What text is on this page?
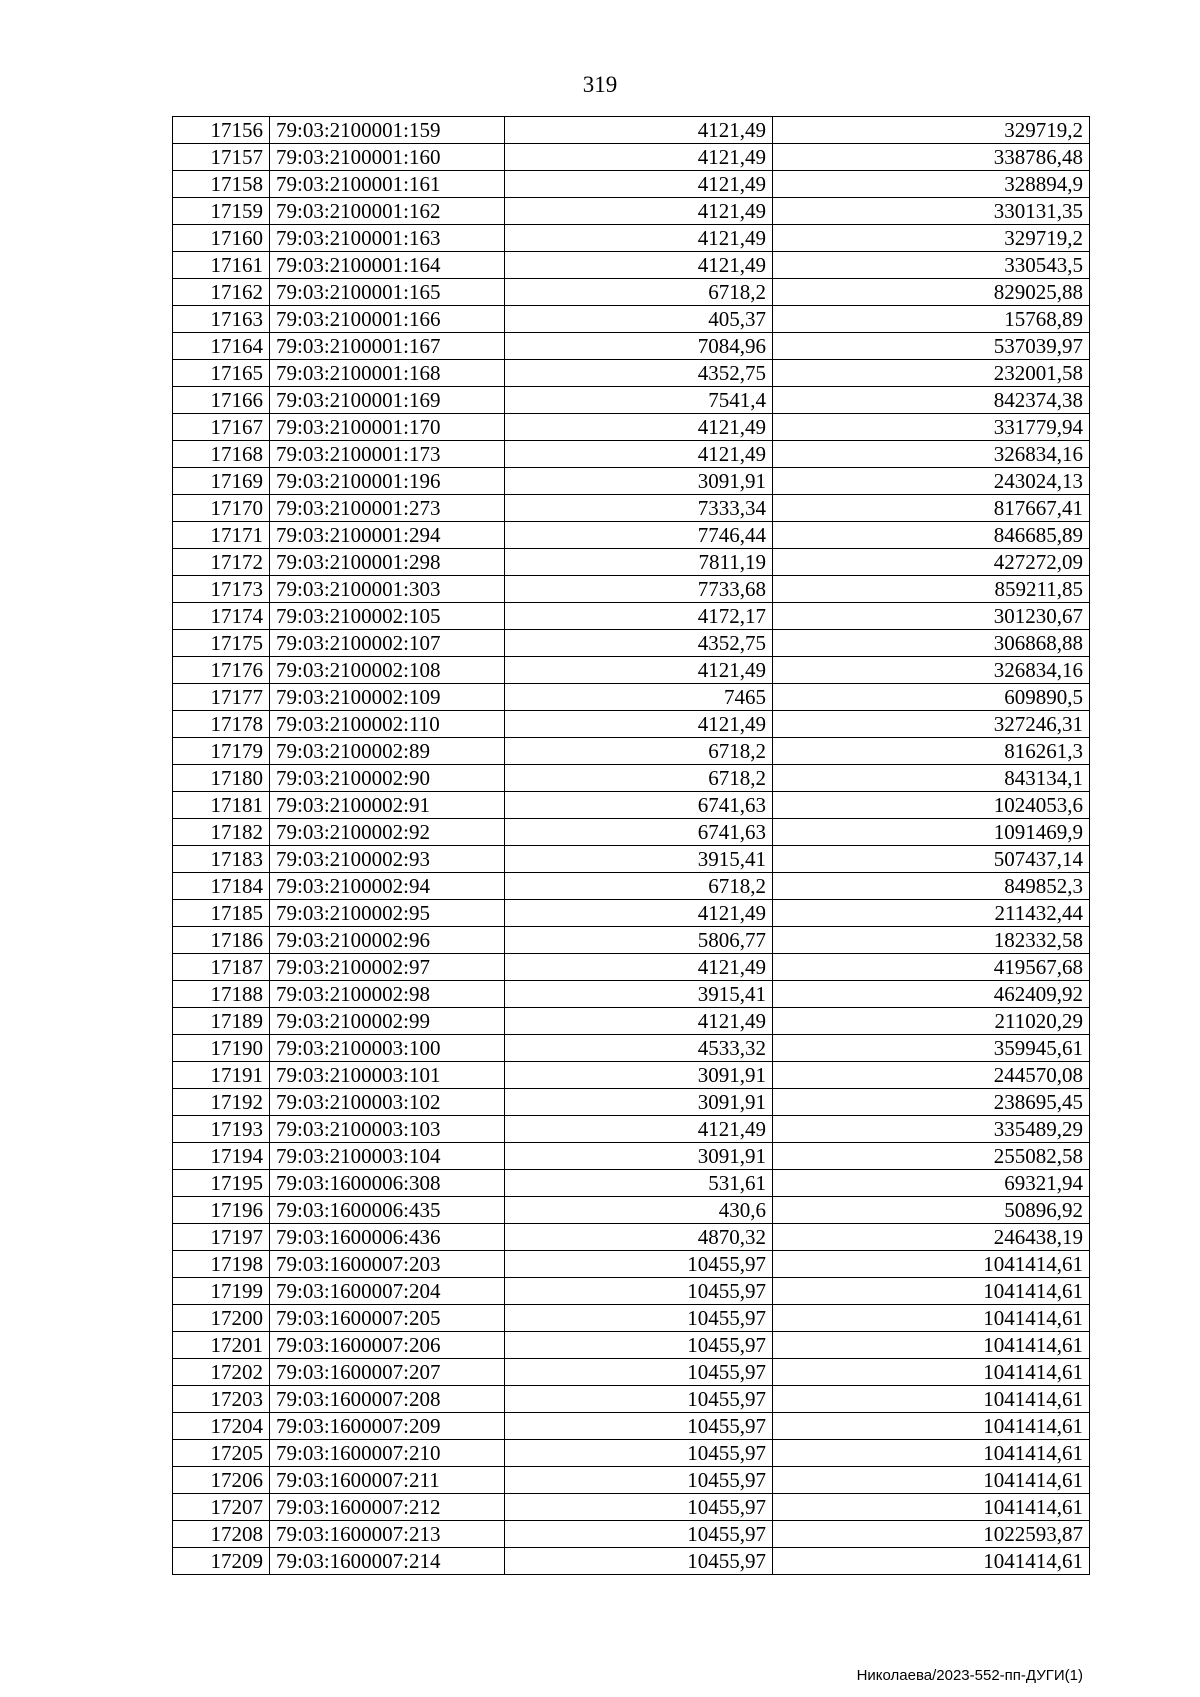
319
17156	79:03:2100001:159	4121,49	329719,2
17157	79:03:2100001:160	4121,49	338786,48
17158	79:03:2100001:161	4121,49	328894,9
17159	79:03:2100001:162	4121,49	330131,35
17160	79:03:2100001:163	4121,49	329719,2
17161	79:03:2100001:164	4121,49	330543,5
17162	79:03:2100001:165	6718,2	829025,88
17163	79:03:2100001:166	405,37	15768,89
17164	79:03:2100001:167	7084,96	537039,97
17165	79:03:2100001:168	4352,75	232001,58
17166	79:03:2100001:169	7541,4	842374,38
17167	79:03:2100001:170	4121,49	331779,94
17168	79:03:2100001:173	4121,49	326834,16
17169	79:03:2100001:196	3091,91	243024,13
17170	79:03:2100001:273	7333,34	817667,41
17171	79:03:2100001:294	7746,44	846685,89
17172	79:03:2100001:298	7811,19	427272,09
17173	79:03:2100001:303	7733,68	859211,85
17174	79:03:2100002:105	4172,17	301230,67
17175	79:03:2100002:107	4352,75	306868,88
17176	79:03:2100002:108	4121,49	326834,16
17177	79:03:2100002:109	7465	609890,5
17178	79:03:2100002:110	4121,49	327246,31
17179	79:03:2100002:89	6718,2	816261,3
17180	79:03:2100002:90	6718,2	843134,1
17181	79:03:2100002:91	6741,63	1024053,6
17182	79:03:2100002:92	6741,63	1091469,9
17183	79:03:2100002:93	3915,41	507437,14
17184	79:03:2100002:94	6718,2	849852,3
17185	79:03:2100002:95	4121,49	211432,44
17186	79:03:2100002:96	5806,77	182332,58
17187	79:03:2100002:97	4121,49	419567,68
17188	79:03:2100002:98	3915,41	462409,92
17189	79:03:2100002:99	4121,49	211020,29
17190	79:03:2100003:100	4533,32	359945,61
17191	79:03:2100003:101	3091,91	244570,08
17192	79:03:2100003:102	3091,91	238695,45
17193	79:03:2100003:103	4121,49	335489,29
17194	79:03:2100003:104	3091,91	255082,58
17195	79:03:1600006:308	531,61	69321,94
17196	79:03:1600006:435	430,6	50896,92
17197	79:03:1600006:436	4870,32	246438,19
17198	79:03:1600007:203	10455,97	1041414,61
17199	79:03:1600007:204	10455,97	1041414,61
17200	79:03:1600007:205	10455,97	1041414,61
17201	79:03:1600007:206	10455,97	1041414,61
17202	79:03:1600007:207	10455,97	1041414,61
17203	79:03:1600007:208	10455,97	1041414,61
17204	79:03:1600007:209	10455,97	1041414,61
17205	79:03:1600007:210	10455,97	1041414,61
17206	79:03:1600007:211	10455,97	1041414,61
17207	79:03:1600007:212	10455,97	1041414,61
17208	79:03:1600007:213	10455,97	1022593,87
17209	79:03:1600007:214	10455,97	1041414,61
Николаева/2023-552-пп-ДУГИ(1)
